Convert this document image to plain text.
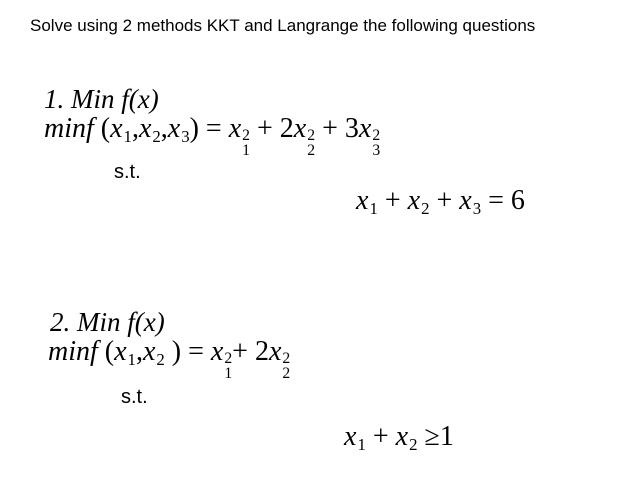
Solve using 2 methods KKT and Langrange the following questions
1. Min f(x)
minf $(x_1,x_2,x_3) = x$ 2
1
+ 2x 2
2
+ 3x 2
3
s.t.
$x_1 + x_2 + x_3 = 6$
2. Min f(x)
minf ($x_1,x_2$ ) = x 2
1
+ 2x 2
2
s.t.
$x_1 + x_2 \ge 1$
